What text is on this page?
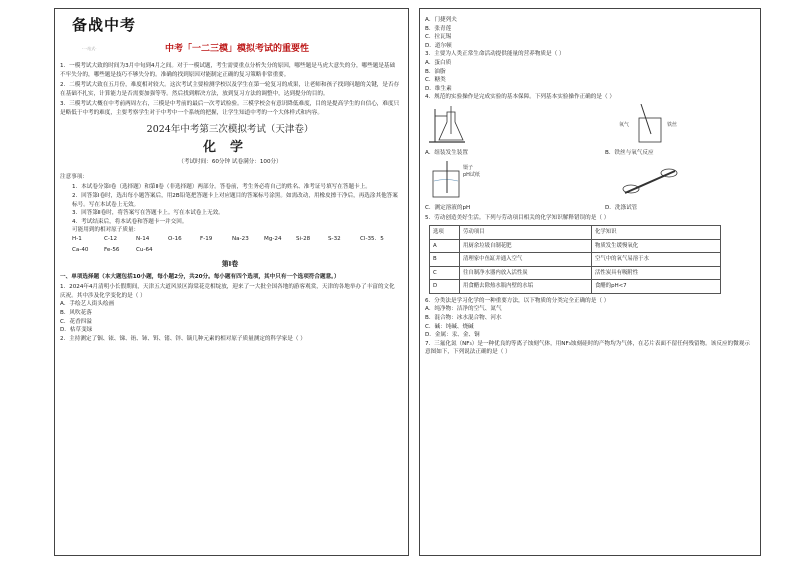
备战中考
·一站式·	中考「一二三模」模拟考试的重要性

1．一模考试大致的时间为3月中旬到4月之间。对于一模试题，考生需要重点分析失分的原因，哪些题是马虎大意失的分，哪些题是基础不牢失分的，哪些题是技巧不够失分的。准确的找到原因对能制定正确的复习策略非常重要。

2．二模考试大致在五月份，难度相对较大。这次考试主要检测学校以及学生在第一轮复习的成果，让老师和孩子找到问题的关键，是否存在基础不扎实，计算能力是否需要加强等等。然后找到解决方法，放到复习方法的调整中，达到提分的目的。

3．三模考试大概在中考前两周左右，三模是中考前的最后一次考试检验。三模学校会有意识降低难度，目的是提高学生的自信心，难度只是略低于中考的难度，主要考察学生对于中考中一个系统的把握，让学生知道中考的一个大体样式和内容。

2024年中考第三次模拟考试（天津卷）
化学
（考试时间：60分钟 试卷满分：100分）
注意事项：

1．本试卷分第Ⅰ卷（选择题）和第Ⅱ卷（非选择题）两部分。答卷前，考生务必将自己的姓名、准考证号填写在答题卡上。

2．回答第Ⅰ卷时，选出每小题答案后，用2B铅笔把答题卡上对应题目的答案标号涂黑。如需改动，用橡皮擦干净后，再选涂其他答案标号。写在本试卷上无效。

3．回答第Ⅱ卷时，将答案写在答题卡上。写在本试卷上无效。

4．考试结束后，将本试卷和答题卡一并交回。

可能用到的相对原子质量：

H-1	C-12	N-14	O-16	F-19	Na-23	Mg-24	Si-28	S-32	Cl-35．5
Ca-40	Fe-56	Cu-64
第Ⅰ卷

一、单项选择题（本大题包括10小题，每小题2分，共20分。每小题有四个选项，其中只有一个选项符合题意。）

1．2024年4月清明小长假期间，天津五大道风景区海棠花竞相绽放，迎来了一大批全国各地的游客观赏，天津的各地举办了丰富的文化庆祝。其中涉及化学变化的是（ ）

A．手绘艺人街头绘画

B．风吹花落

C．花香四溢

D．枯草变绿

2．主持测定了铟、铱、锑、铕、铈、铒、锗、锌、镝几种元素的相对原子质量测定的科学家是（ ）

A．门捷列夫

B．张青莲

C．拉瓦锡

D．道尔顿

3．主要为人类正常生命活动提供能量的营养物质是（ ）

A．蛋白质

B．油脂

C．糖类

D．维生素

4．规范的实验操作是完成实验的基本保障。下列基本实验操作正确的是（ ）

A．组装发生装置
氧气	铁丝
B．铁丝与氧气反应
镊子
pH试纸
C．测定溶液的pH	D．洗涤试管

5．劳动创造美好生活。下列与劳动项目相关的化学知识解释错误的是（ ）

选项	劳动项目	化学知识
A	用厨余垃圾自制花肥	物质发生缓慢氧化
B	清理家中鱼缸并通入空气	空气中的氧气易溶于水
C	往自制净水器内放入活性炭	活性炭具有吸附性
D	用食醋去除热水瓶内壁的水垢	食醋的pH<7

6．分类法是学习化学的一种重要方法，以下物质的分类完全正确的是（ ）

A．纯净物：洁净的空气、氮气

B．混合物：冰水混合物、河水

C．碱：纯碱、烧碱

D．金属：汞、金、铜

7．三氟化氮（NF₃）是一种优良的等离子蚀刻气体，用NF₃蚀刻硅时的产物均为气体，在芯片表面不留任何残留物。该反应的微观示意图如下，下列说法正确的是（ ）
